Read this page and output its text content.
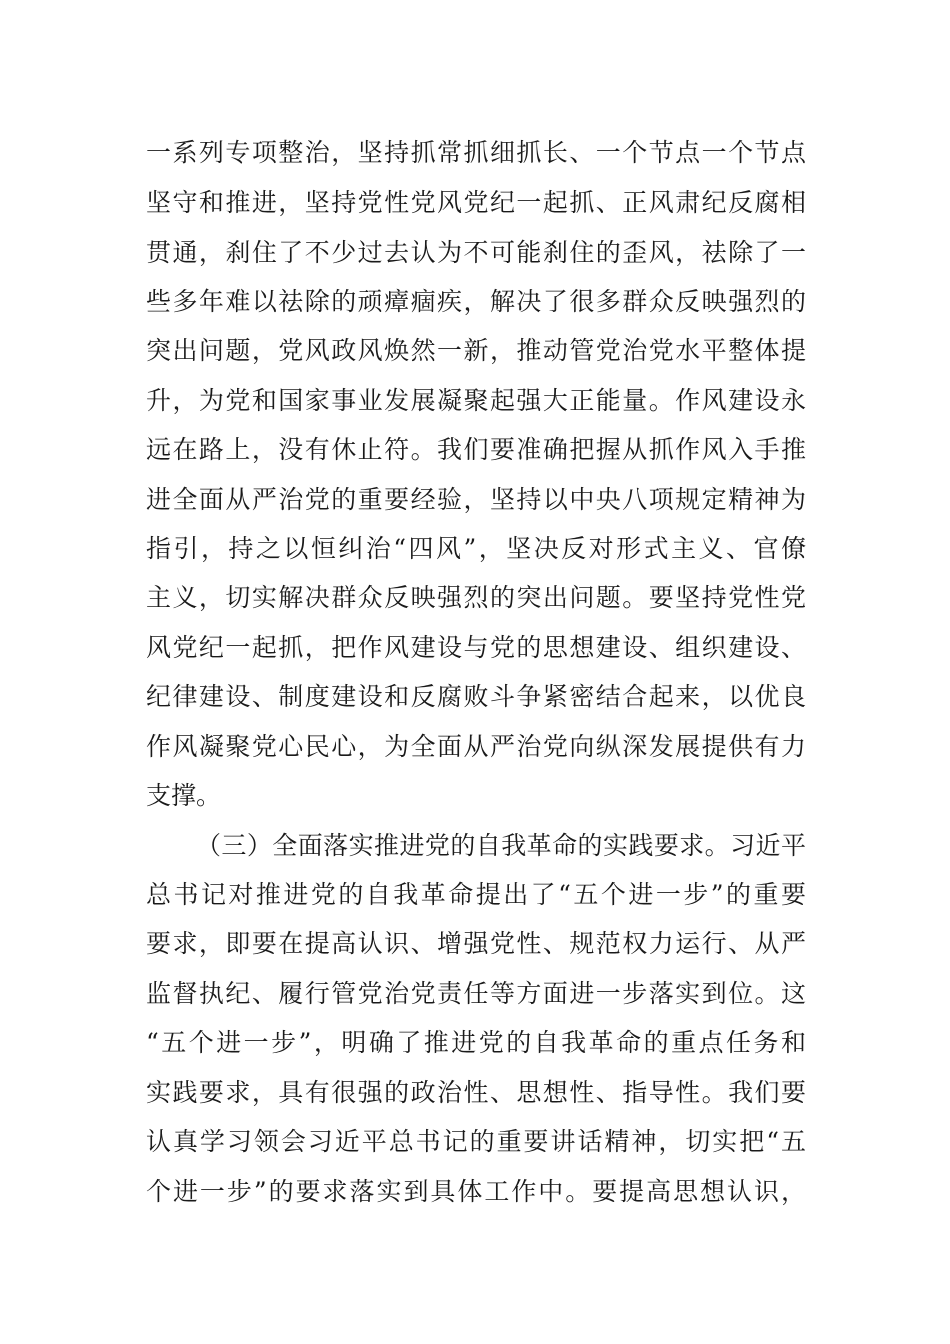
一系列专项整治，坚持抓常抓细抓长、一个节点一个节点
坚守和推进，坚持党性党风党纪一起抓、正风肃纪反腐相
贯通，刹住了不少过去认为不可能刹住的歪风，祛除了一
些多年难以祛除的顽瘴痼疾，解决了很多群众反映强烈的
突出问题，党风政风焕然一新，推动管党治党水平整体提
升，为党和国家事业发展凝聚起强大正能量。作风建设永
远在路上，没有休止符。我们要准确把握从抓作风入手推
进全面从严治党的重要经验，坚持以中央八项规定精神为
指引，持之以恒纠治“四风”，坚决反对形式主义、官僚
主义，切实解决群众反映强烈的突出问题。要坚持党性党
风党纪一起抓，把作风建设与党的思想建设、组织建设、
纪律建设、制度建设和反腐败斗争紧密结合起来，以优良
作风凝聚党心民心，为全面从严治党向纵深发展提供有力
支撑。
（三）全面落实推进党的自我革命的实践要求。习近平
总书记对推进党的自我革命提出了“五个进一步”的重要
要求，即要在提高认识、增强党性、规范权力运行、从严
监督执纪、履行管党治党责任等方面进一步落实到位。这
“五个进一步”，明确了推进党的自我革命的重点任务和
实践要求，具有很强的政治性、思想性、指导性。我们要
认真学习领会习近平总书记的重要讲话精神，切实把“五
个进一步”的要求落实到具体工作中。要提高思想认识，
